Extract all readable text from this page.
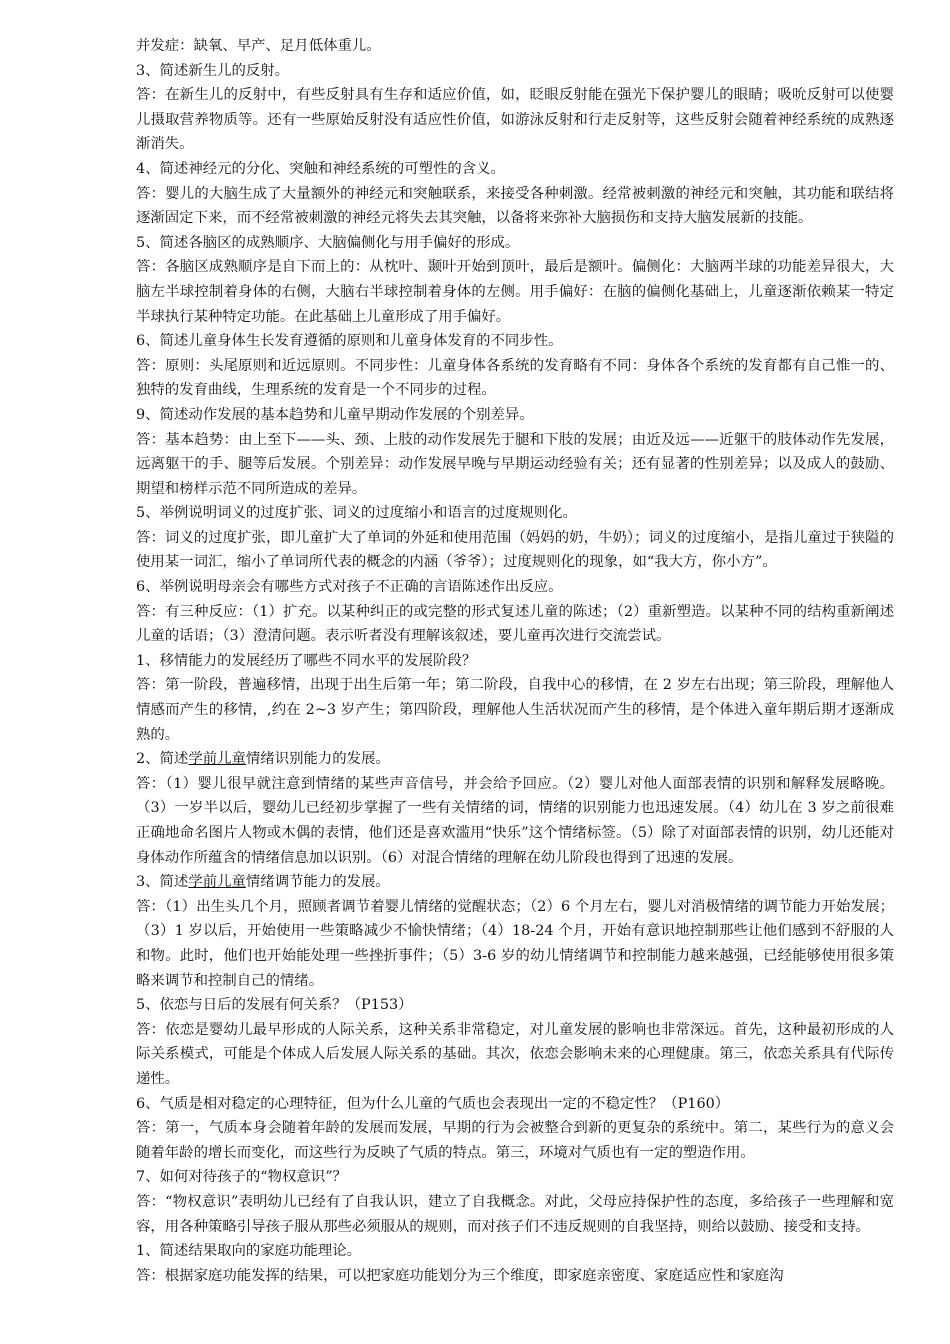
并发症：缺氧、早产、足月低体重儿。
3、简述新生儿的反射。
答：在新生儿的反射中，有些反射具有生存和适应价值，如，眨眼反射能在强光下保护婴儿的眼睛；吸吮反射可以使婴儿摄取营养物质等。还有一些原始反射没有适应性价值，如游泳反射和行走反射等，这些反射会随着神经系统的成熟逐渐消失。
4、简述神经元的分化、突触和神经系统的可塑性的含义。
答：婴儿的大脑生成了大量额外的神经元和突触联系，来接受各种刺激。经常被刺激的神经元和突触，其功能和联结将逐渐固定下来，而不经常被刺激的神经元将失去其突触，以备将来弥补大脑损伤和支持大脑发展新的技能。
5、简述各脑区的成熟顺序、大脑偏侧化与用手偏好的形成。
答：各脑区成熟顺序是自下而上的：从枕叶、颞叶开始到顶叶，最后是额叶。偏侧化：大脑两半球的功能差异很大，大脑左半球控制着身体的右侧，大脑右半球控制着身体的左侧。用手偏好：在脑的偏侧化基础上，儿童逐渐依赖某一特定半球执行某种特定功能。在此基础上儿童形成了用手偏好。
6、简述儿童身体生长发育遵循的原则和儿童身体发育的不同步性。
答：原则：头尾原则和近远原则。不同步性：儿童身体各系统的发育略有不同：身体各个系统的发育都有自己惟一的、独特的发育曲线，生理系统的发育是一个不同步的过程。
9、简述动作发展的基本趋势和儿童早期动作发展的个别差异。
答：基本趋势：由上至下——头、颈、上肢的动作发展先于腿和下肢的发展；由近及远——近躯干的肢体动作先发展，远离躯干的手、腿等后发展。个别差异：动作发展早晚与早期运动经验有关；还有显著的性别差异；以及成人的鼓励、期望和榜样示范不同所造成的差异。
5、举例说明词义的过度扩张、词义的过度缩小和语言的过度规则化。
答：词义的过度扩张，即儿童扩大了单词的外延和使用范围（妈妈的奶，牛奶）；词义的过度缩小，是指儿童过于狭隘的使用某一词汇，缩小了单词所代表的概念的内涵（爷爷）；过度规则化的现象，如“我大方，你小方”。
6、举例说明母亲会有哪些方式对孩子不正确的言语陈述作出反应。
答：有三种反应：（1）扩充。以某种纠正的或完整的形式复述儿童的陈述；（2）重新塑造。以某种不同的结构重新阐述儿童的话语；（3）澄清问题。表示听者没有理解该叙述，要儿童再次进行交流尝试。
1、移情能力的发展经历了哪些不同水平的发展阶段？
答：第一阶段，普遍移情，出现于出生后第一年；第二阶段，自我中心的移情，在 2 岁左右出现；第三阶段，理解他人情感而产生的移情，,约在 2~3 岁产生；第四阶段，理解他人生活状况而产生的移情，是个体进入童年期后期才逐渐成熟的。
2、简述学前儿童情绪识别能力的发展。
答：（1）婴儿很早就注意到情绪的某些声音信号，并会给予回应。（2）婴儿对他人面部表情的识别和解释发展略晚。（3）一岁半以后，婴幼儿已经初步掌握了一些有关情绪的词，情绪的识别能力也迅速发展。（4）幼儿在 3 岁之前很难正确地命名图片人物或木偶的表情，他们还是喜欢滥用“快乐”这个情绪标签。（5）除了对面部表情的识别，幼儿还能对身体动作所蕴含的情绪信息加以识别。（6）对混合情绪的理解在幼儿阶段也得到了迅速的发展。
3、简述学前儿童情绪调节能力的发展。
答：（1）出生头几个月，照顾者调节着婴儿情绪的觉醒状态；（2）6 个月左右，婴儿对消极情绪的调节能力开始发展；（3）1 岁以后，开始使用一些策略减少不愉快情绪；（4）18-24 个月，开始有意识地控制那些让他们感到不舒服的人和物。此时，他们也开始能处理一些挫折事件；（5）3-6 岁的幼儿情绪调节和控制能力越来越强，已经能够使用很多策略来调节和控制自己的情绪。
5、依恋与日后的发展有何关系？（P153）
答：依恋是婴幼儿最早形成的人际关系，这种关系非常稳定，对儿童发展的影响也非常深远。首先，这种最初形成的人际关系模式，可能是个体成人后发展人际关系的基础。其次，依恋会影响未来的心理健康。第三，依恋关系具有代际传递性。
6、气质是相对稳定的心理特征，但为什么儿童的气质也会表现出一定的不稳定性？（P160）
答：第一，气质本身会随着年龄的发展而发展，早期的行为会被整合到新的更复杂的系统中。第二，某些行为的意义会随着年龄的增长而变化，而这些行为反映了气质的特点。第三，环境对气质也有一定的塑造作用。
7、如何对待孩子的“物权意识”？
答：“物权意识”表明幼儿已经有了自我认识，建立了自我概念。对此，父母应持保护性的态度，多给孩子一些理解和宽容，用各种策略引导孩子服从那些必须服从的规则，而对孩子们不违反规则的自我坚持，则给以鼓励、接受和支持。
1、简述结果取向的家庭功能理论。
答：根据家庭功能发挥的结果，可以把家庭功能划分为三个维度，即家庭亲密度、家庭适应性和家庭沟
